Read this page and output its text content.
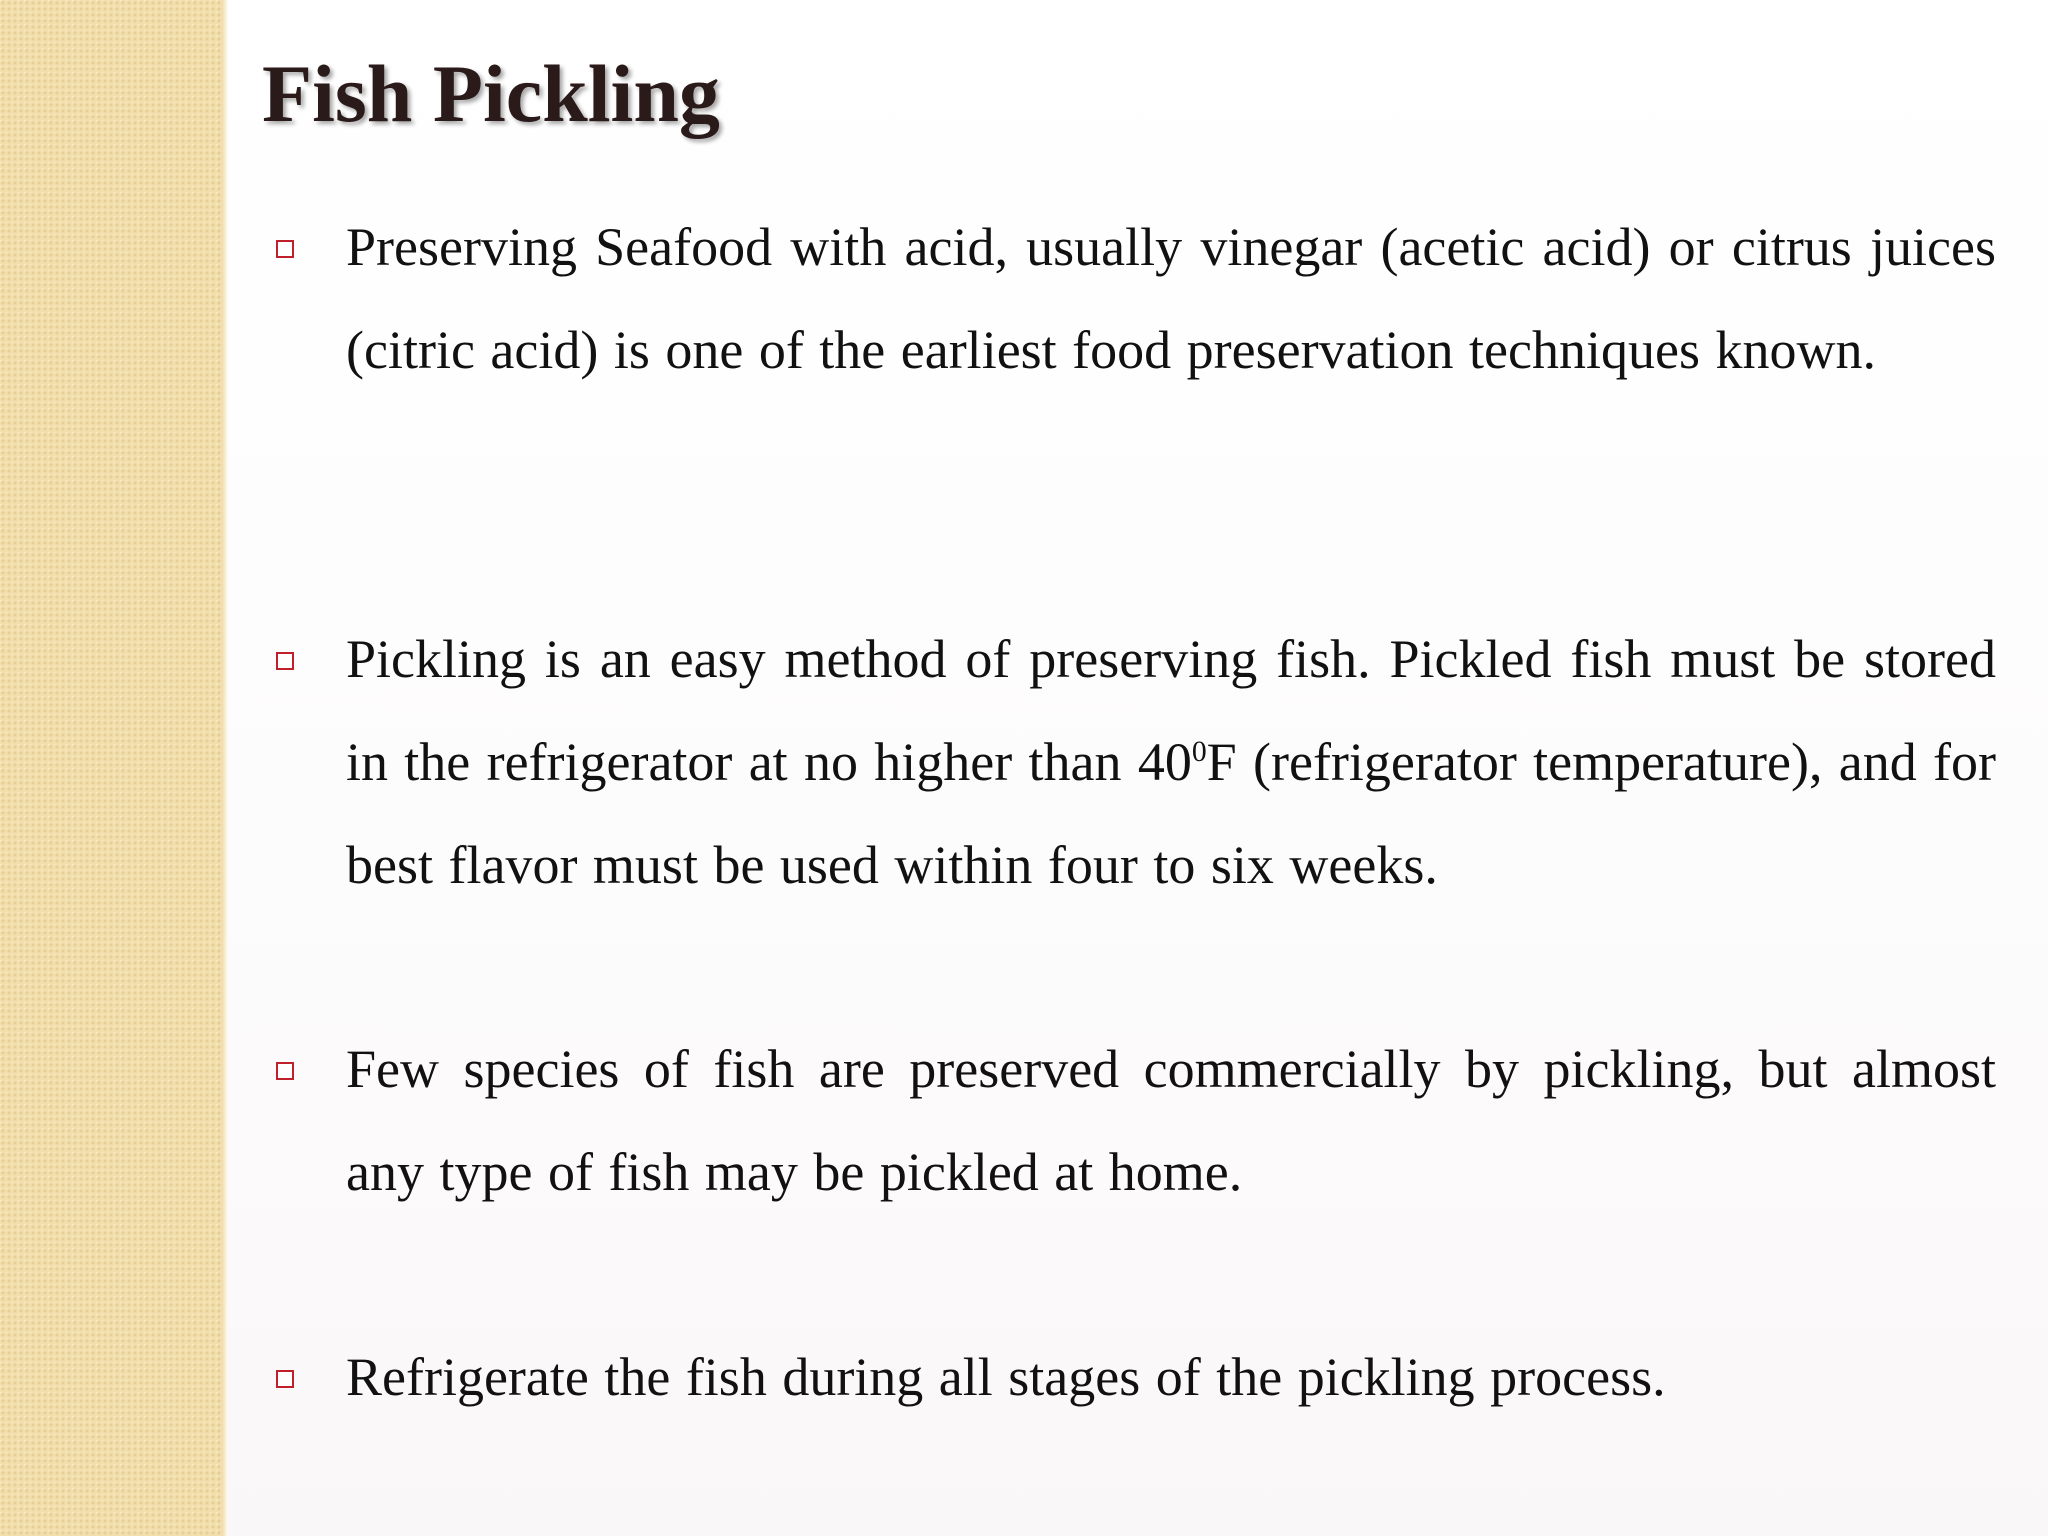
Fish Pickling

Preserving Seafood with acid, usually vinegar (acetic acid) or citrus juices (citric acid) is one of the earliest food preservation techniques known.

Pickling is an easy method of preserving fish. Pickled fish must be stored in the refrigerator at no higher than $40^0F$ (refrigerator temperature), and for best flavor must be used within four to six weeks.

Few species of fish are preserved commercially by pickling, but almost any type of fish may be pickled at home.

Refrigerate the fish during all stages of the pickling process.
